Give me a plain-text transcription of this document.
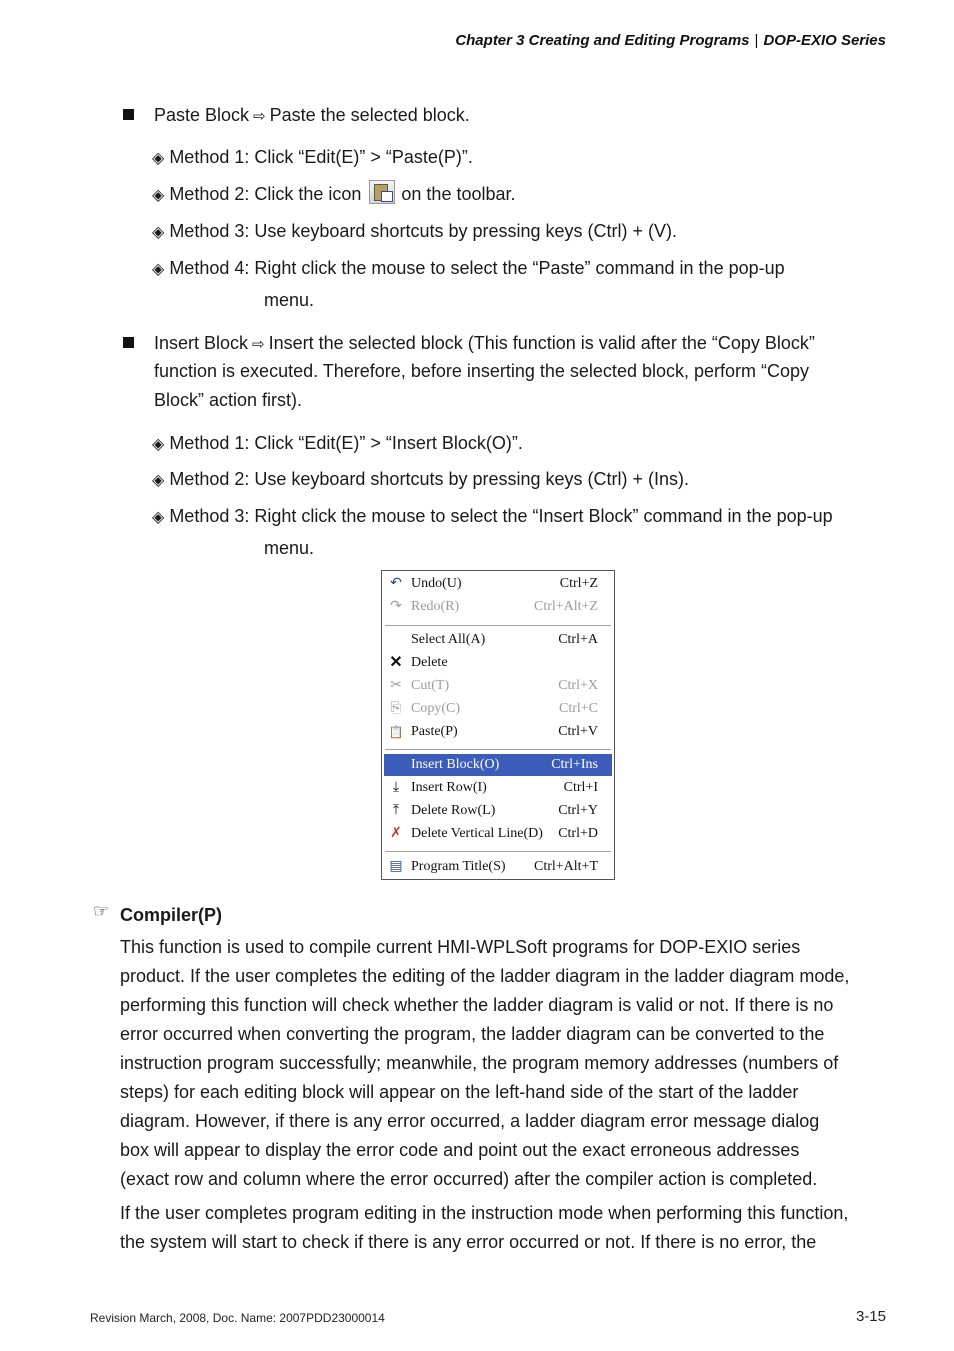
Chapter 3 Creating and Editing Programs | DOP-EXIO Series
Paste Block ⇨ Paste the selected block.
◈ Method 1: Click “Edit(E)” > “Paste(P)”.
◈ Method 2: Click the icon on the toolbar.
◈ Method 3: Use keyboard shortcuts by pressing keys (Ctrl) + (V).
◈ Method 4: Right click the mouse to select the “Paste” command in the pop-up
menu.
Insert Block ⇨ Insert the selected block (This function is valid after the “Copy Block”
function is executed. Therefore, before inserting the selected block, perform “Copy
Block” action first).
◈ Method 1: Click “Edit(E)” > “Insert Block(O)”.
◈ Method 2: Use keyboard shortcuts by pressing keys (Ctrl) + (Ins).
◈ Method 3: Right click the mouse to select the “Insert Block” command in the pop-up
menu.
↶ Undo(U)	Ctrl+Z
↷ Redo(R)	Ctrl+Alt+Z
Select All(A)	Ctrl+A
✕ Delete
✂ Cut(T)	Ctrl+X
⎘ Copy(C)	Ctrl+C
📋 Paste(P)	Ctrl+V
Insert Block(O)	Ctrl+Ins
⤓ Insert Row(I)	Ctrl+I
⤒ Delete Row(L)	Ctrl+Y
✗ Delete Vertical Line(D) Ctrl+D
▤ Program Title(S) Ctrl+Alt+T
☞ Compiler(P)
This function is used to compile current HMI-WPLSoft programs for DOP-EXIO series
product. If the user completes the editing of the ladder diagram in the ladder diagram mode,
performing this function will check whether the ladder diagram is valid or not. If there is no
error occurred when converting the program, the ladder diagram can be converted to the
instruction program successfully; meanwhile, the program memory addresses (numbers of
steps) for each editing block will appear on the left-hand side of the start of the ladder
diagram. However, if there is any error occurred, a ladder diagram error message dialog
box will appear to display the error code and point out the exact erroneous addresses
(exact row and column where the error occurred) after the compiler action is completed.
If the user completes program editing in the instruction mode when performing this function,
the system will start to check if there is any error occurred or not. If there is no error, the
Revision March, 2008, Doc. Name: 2007PDD23000014	3-15
